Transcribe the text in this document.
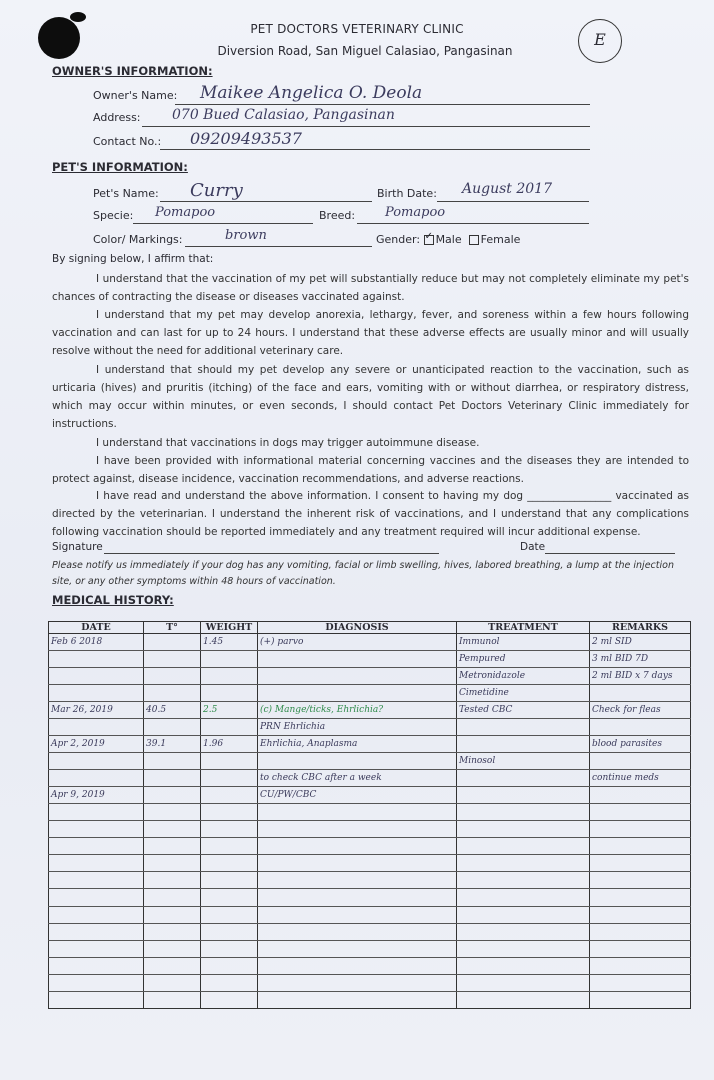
PET DOCTORS VETERINARY CLINIC
Diversion Road, San Miguel Calasiao, Pangasinan
E
OWNER'S INFORMATION:
Owner's Name: Maikee Angelica O. Deola
Address: 070 Bued Calasiao, Pangasinan
Contact No.: 09209493537
PET'S INFORMATION:
Pet's Name: Curry	Birth Date: August 2017
Specie: Pomapoo	Breed: Pomapoo
Color/ Markings:	brown	Gender: ✓ Male Female
By signing below, I affirm that:
I understand that the vaccination of my pet will substantially reduce but may not completely eliminate my pet's chances of contracting the disease or diseases vaccinated against.
I understand that my pet may develop anorexia, lethargy, fever, and soreness within a few hours following vaccination and can last for up to 24 hours. I understand that these adverse effects are usually minor and will usually resolve without the need for additional veterinary care.
I understand that should my pet develop any severe or unanticipated reaction to the vaccination, such as urticaria (hives) and pruritis (itching) of the face and ears, vomiting with or without diarrhea, or respiratory distress, which may occur within minutes, or even seconds, I should contact Pet Doctors Veterinary Clinic immediately for instructions.
I understand that vaccinations in dogs may trigger autoimmune disease.
I have been provided with informational material concerning vaccines and the diseases they are intended to protect against, disease incidence, vaccination recommendations, and adverse reactions.
I have read and understand the above information. I consent to having my dog ________________ vaccinated as directed by the veterinarian. I understand the inherent risk of vaccinations, and I understand that any complications following vaccination should be reported immediately and any treatment required will incur additional expense.
Signature	Date
Please notify us immediately if your dog has any vomiting, facial or limb swelling, hives, labored breathing, a lump at the injection site, or any other symptoms within 48 hours of vaccination.
MEDICAL HISTORY:
DATE	T°	WEIGHT	DIAGNOSIS	TREATMENT	REMARKS
Feb 6 2018		1.45	(+) parvo	Immunol	2 ml SID
				Pempured	3 ml BID 7D
				Metronidazole	2 ml BID x 7 days
				Cimetidine	
Mar 26, 2019	40.5	2.5	(c) Mange/ticks, Ehrlichia?	Tested CBC	Check for fleas
			PRN Ehrlichia		
Apr 2, 2019	39.1	1.96	Ehrlichia, Anaplasma		blood parasites
				Minosol	
			to check CBC after a week		continue meds
Apr 9, 2019			CU/PW/CBC		
